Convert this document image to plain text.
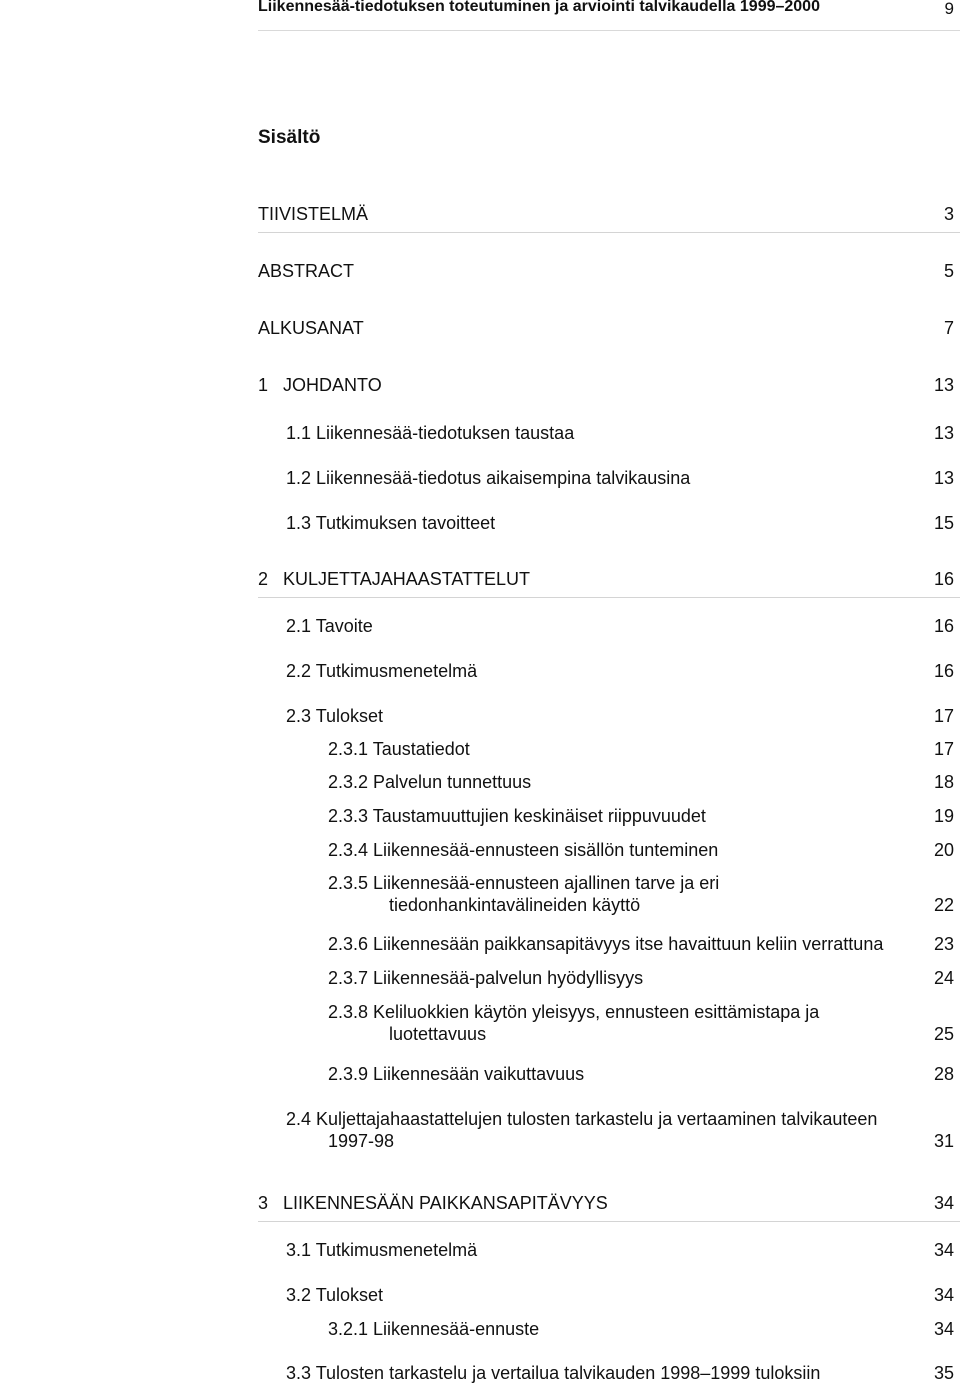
Liikennesää-tiedotuksen toteutuminen ja arviointi talvikaudella 1999–2000	9
Sisältö
TIIVISTELMÄ	3
ABSTRACT	5
ALKUSANAT	7
1   JOHDANTO	13
1.1 Liikennesää-tiedotuksen taustaa	13
1.2 Liikennesää-tiedotus aikaisempina talvikausina	13
1.3 Tutkimuksen tavoitteet	15
2   KULJETTAJAHAASTATTELUT	16
2.1 Tavoite	16
2.2 Tutkimusmenetelmä	16
2.3 Tulokset	17
2.3.1 Taustatiedot	17
2.3.2 Palvelun tunnettuus	18
2.3.3 Taustamuuttujien keskinäiset riippuvuudet	19
2.3.4 Liikennesää-ennusteen sisällön tunteminen	20
2.3.5 Liikennesää-ennusteen ajallinen tarve ja eri
tiedonhankintavälineiden käyttö	22
2.3.6 Liikennesään paikkansapitävyys itse havaittuun keliin verrattuna	23
2.3.7 Liikennesää-palvelun hyödyllisyys	24
2.3.8 Keliluokkien käytön yleisyys, ennusteen esittämistapa ja
luotettavuus	25
2.3.9 Liikennesään vaikuttavuus	28
2.4 Kuljettajahaastattelujen tulosten tarkastelu ja vertaaminen talvikauteen
1997-98	31
3   LIIKENNESÄÄN PAIKKANSAPITÄVYYS	34
3.1 Tutkimusmenetelmä	34
3.2 Tulokset	34
3.2.1 Liikennesää-ennuste	34
3.3 Tulosten tarkastelu ja vertailua talvikauden 1998–1999 tuloksiin	35
